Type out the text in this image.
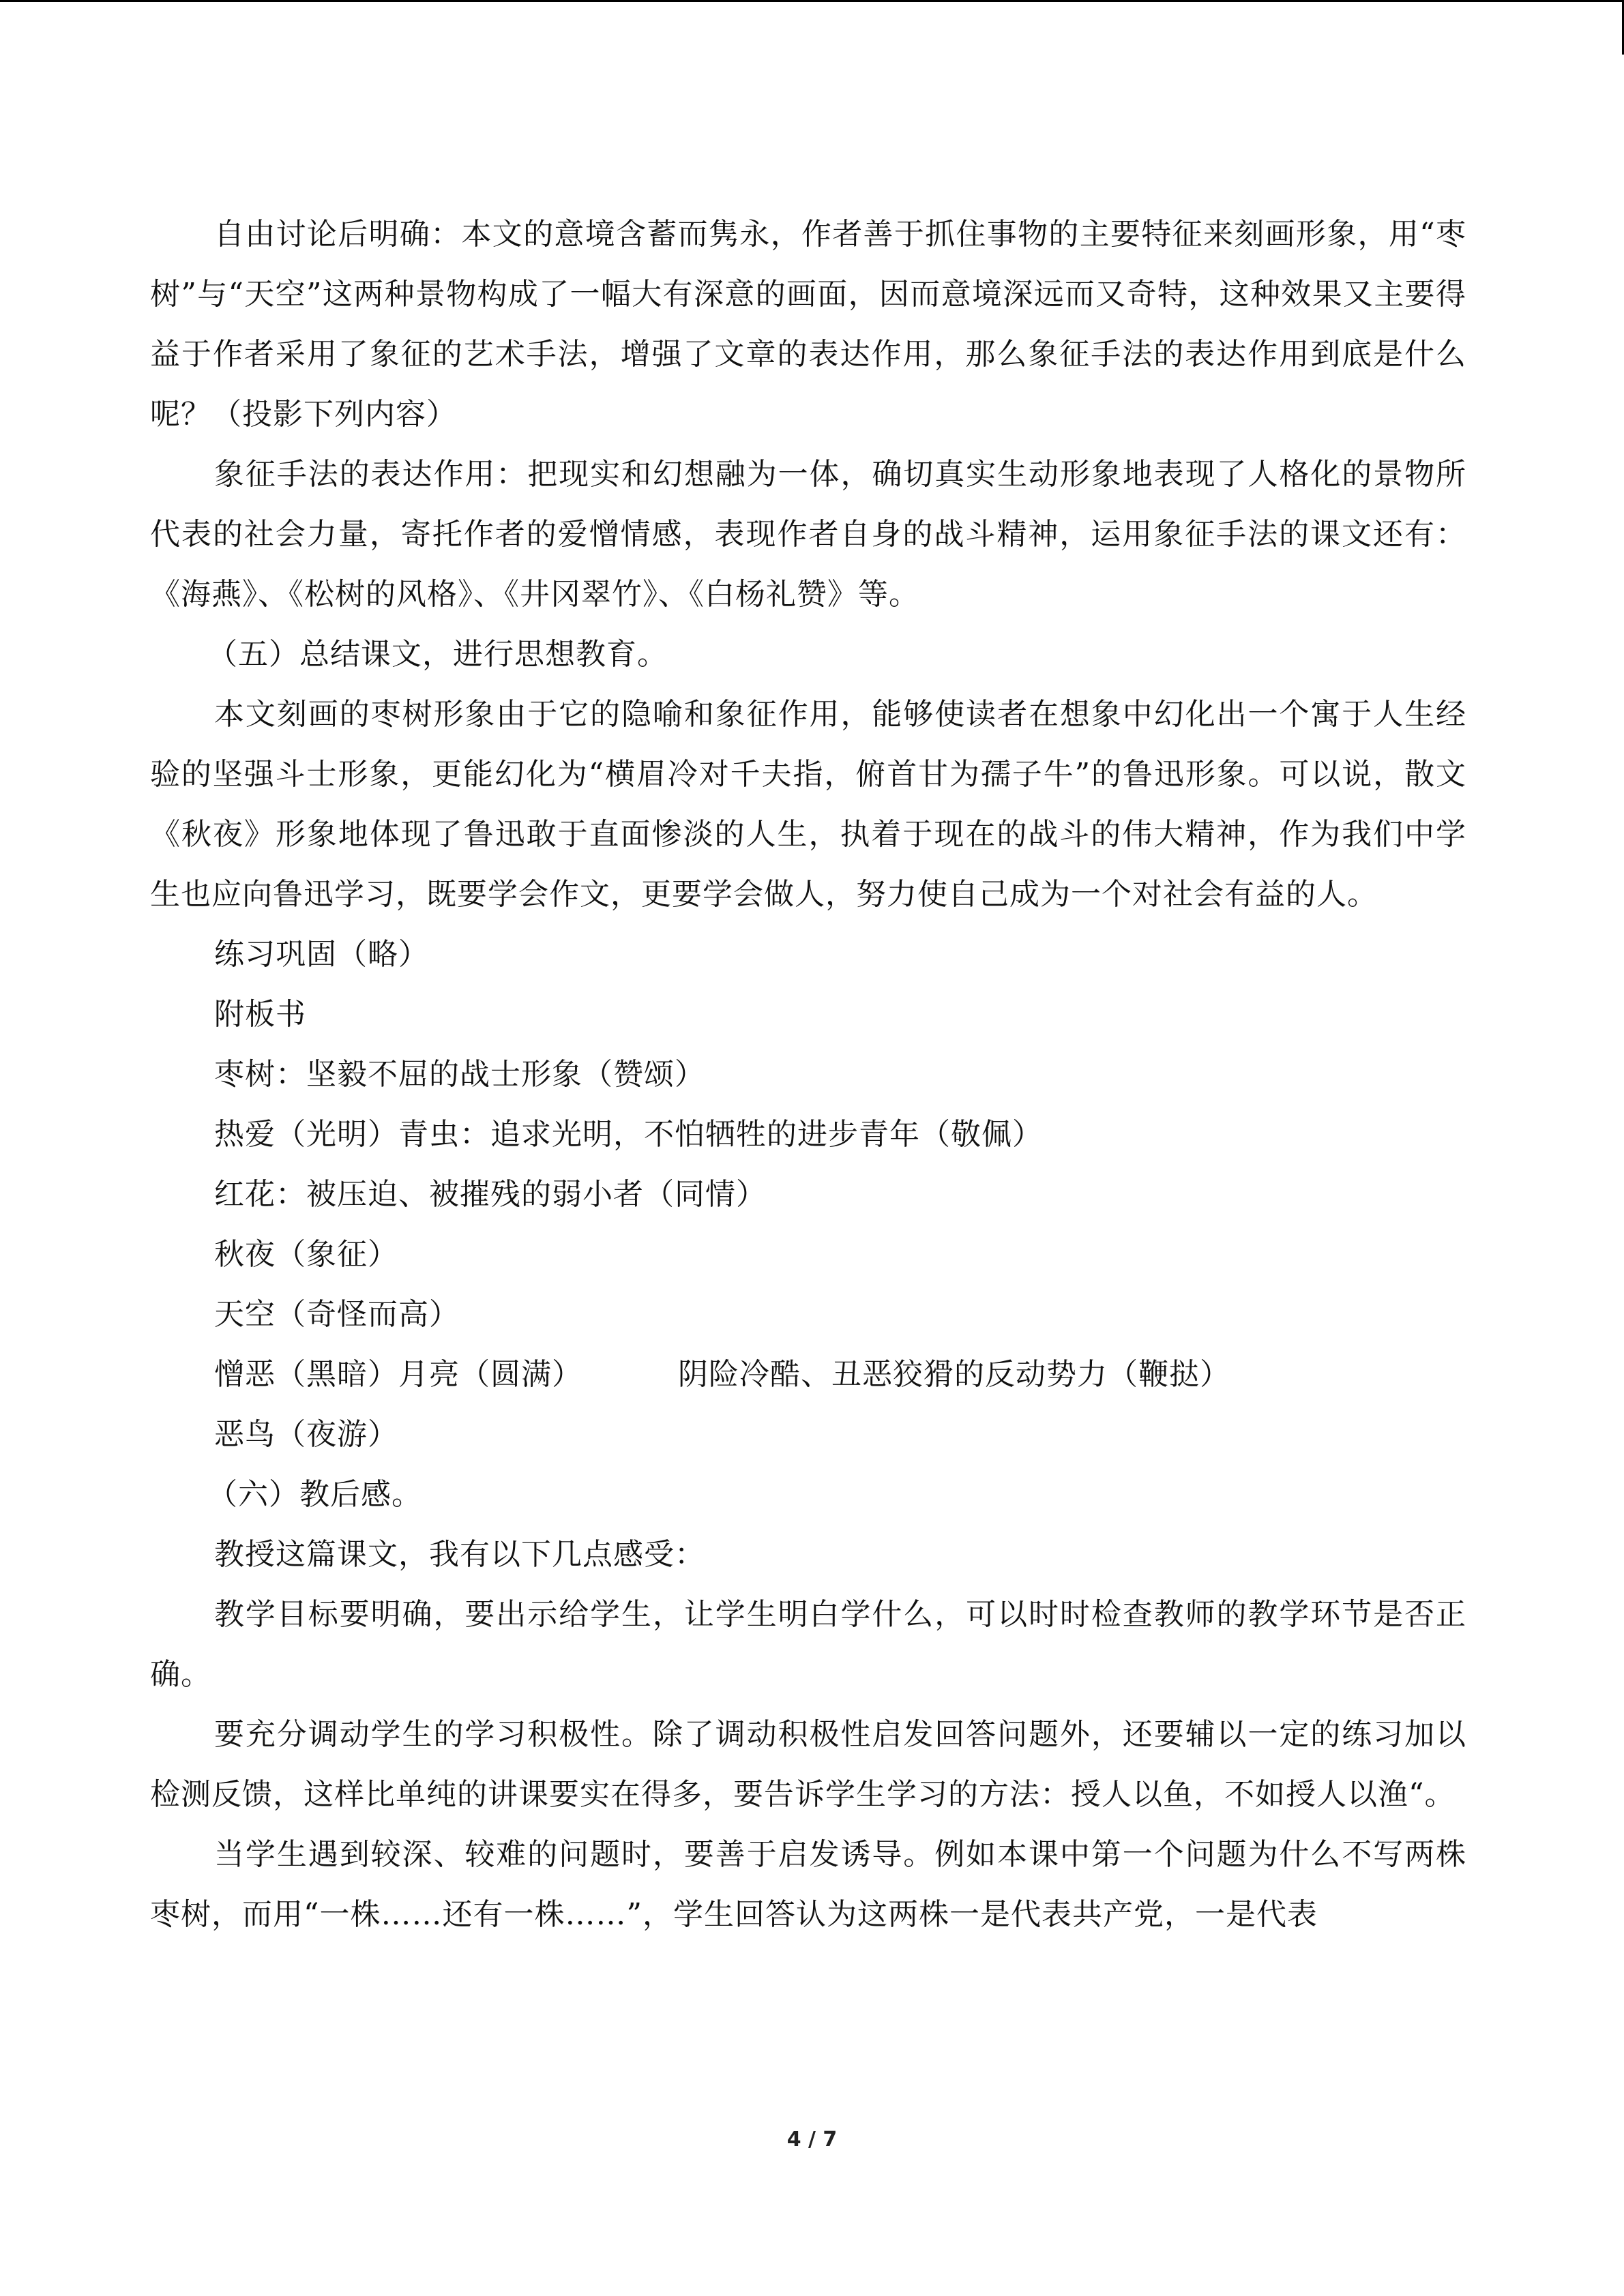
自由讨论后明确：本文的意境含蓄而隽永，作者善于抓住事物的主要特征来刻画形象，用“枣树”与“天空”这两种景物构成了一幅大有深意的画面，因而意境深远而又奇特，这种效果又主要得益于作者采用了象征的艺术手法，增强了文章的表达作用，那么象征手法的表达作用到底是什么呢？（投影下列内容）

象征手法的表达作用：把现实和幻想融为一体，确切真实生动形象地表现了人格化的景物所代表的社会力量，寄托作者的爱憎情感，表现作者自身的战斗精神，运用象征手法的课文还有：《海燕》、《松树的风格》、《井冈翠竹》、《白杨礼赞》等。

（五）总结课文，进行思想教育。

本文刻画的枣树形象由于它的隐喻和象征作用，能够使读者在想象中幻化出一个寓于人生经验的坚强斗士形象，更能幻化为“横眉冷对千夫指，俯首甘为孺子牛”的鲁迅形象。可以说，散文《秋夜》形象地体现了鲁迅敢于直面惨淡的人生，执着于现在的战斗的伟大精神，作为我们中学生也应向鲁迅学习，既要学会作文，更要学会做人，努力使自己成为一个对社会有益的人。

练习巩固（略）

附板书

枣树：坚毅不屈的战士形象（赞颂）

热爱（光明）青虫：追求光明，不怕牺牲的进步青年（敬佩）

红花：被压迫、被摧残的弱小者（同情）

秋夜（象征）

天空（奇怪而高）

憎恶（黑暗）月亮（圆满）	阴险冷酷、丑恶狡猾的反动势力（鞭挞）

恶鸟（夜游）

（六）教后感。

教授这篇课文，我有以下几点感受：

教学目标要明确，要出示给学生，让学生明白学什么，可以时时检查教师的教学环节是否正确。

要充分调动学生的学习积极性。除了调动积极性启发回答问题外，还要辅以一定的练习加以检测反馈，这样比单纯的讲课要实在得多，要告诉学生学习的方法：授人以鱼，不如授人以渔“。

当学生遇到较深、较难的问题时，要善于启发诱导。例如本课中第一个问题为什么不写两株枣树，而用“一株……还有一株……”，学生回答认为这两株一是代表共产党，一是代表

4 / 7
